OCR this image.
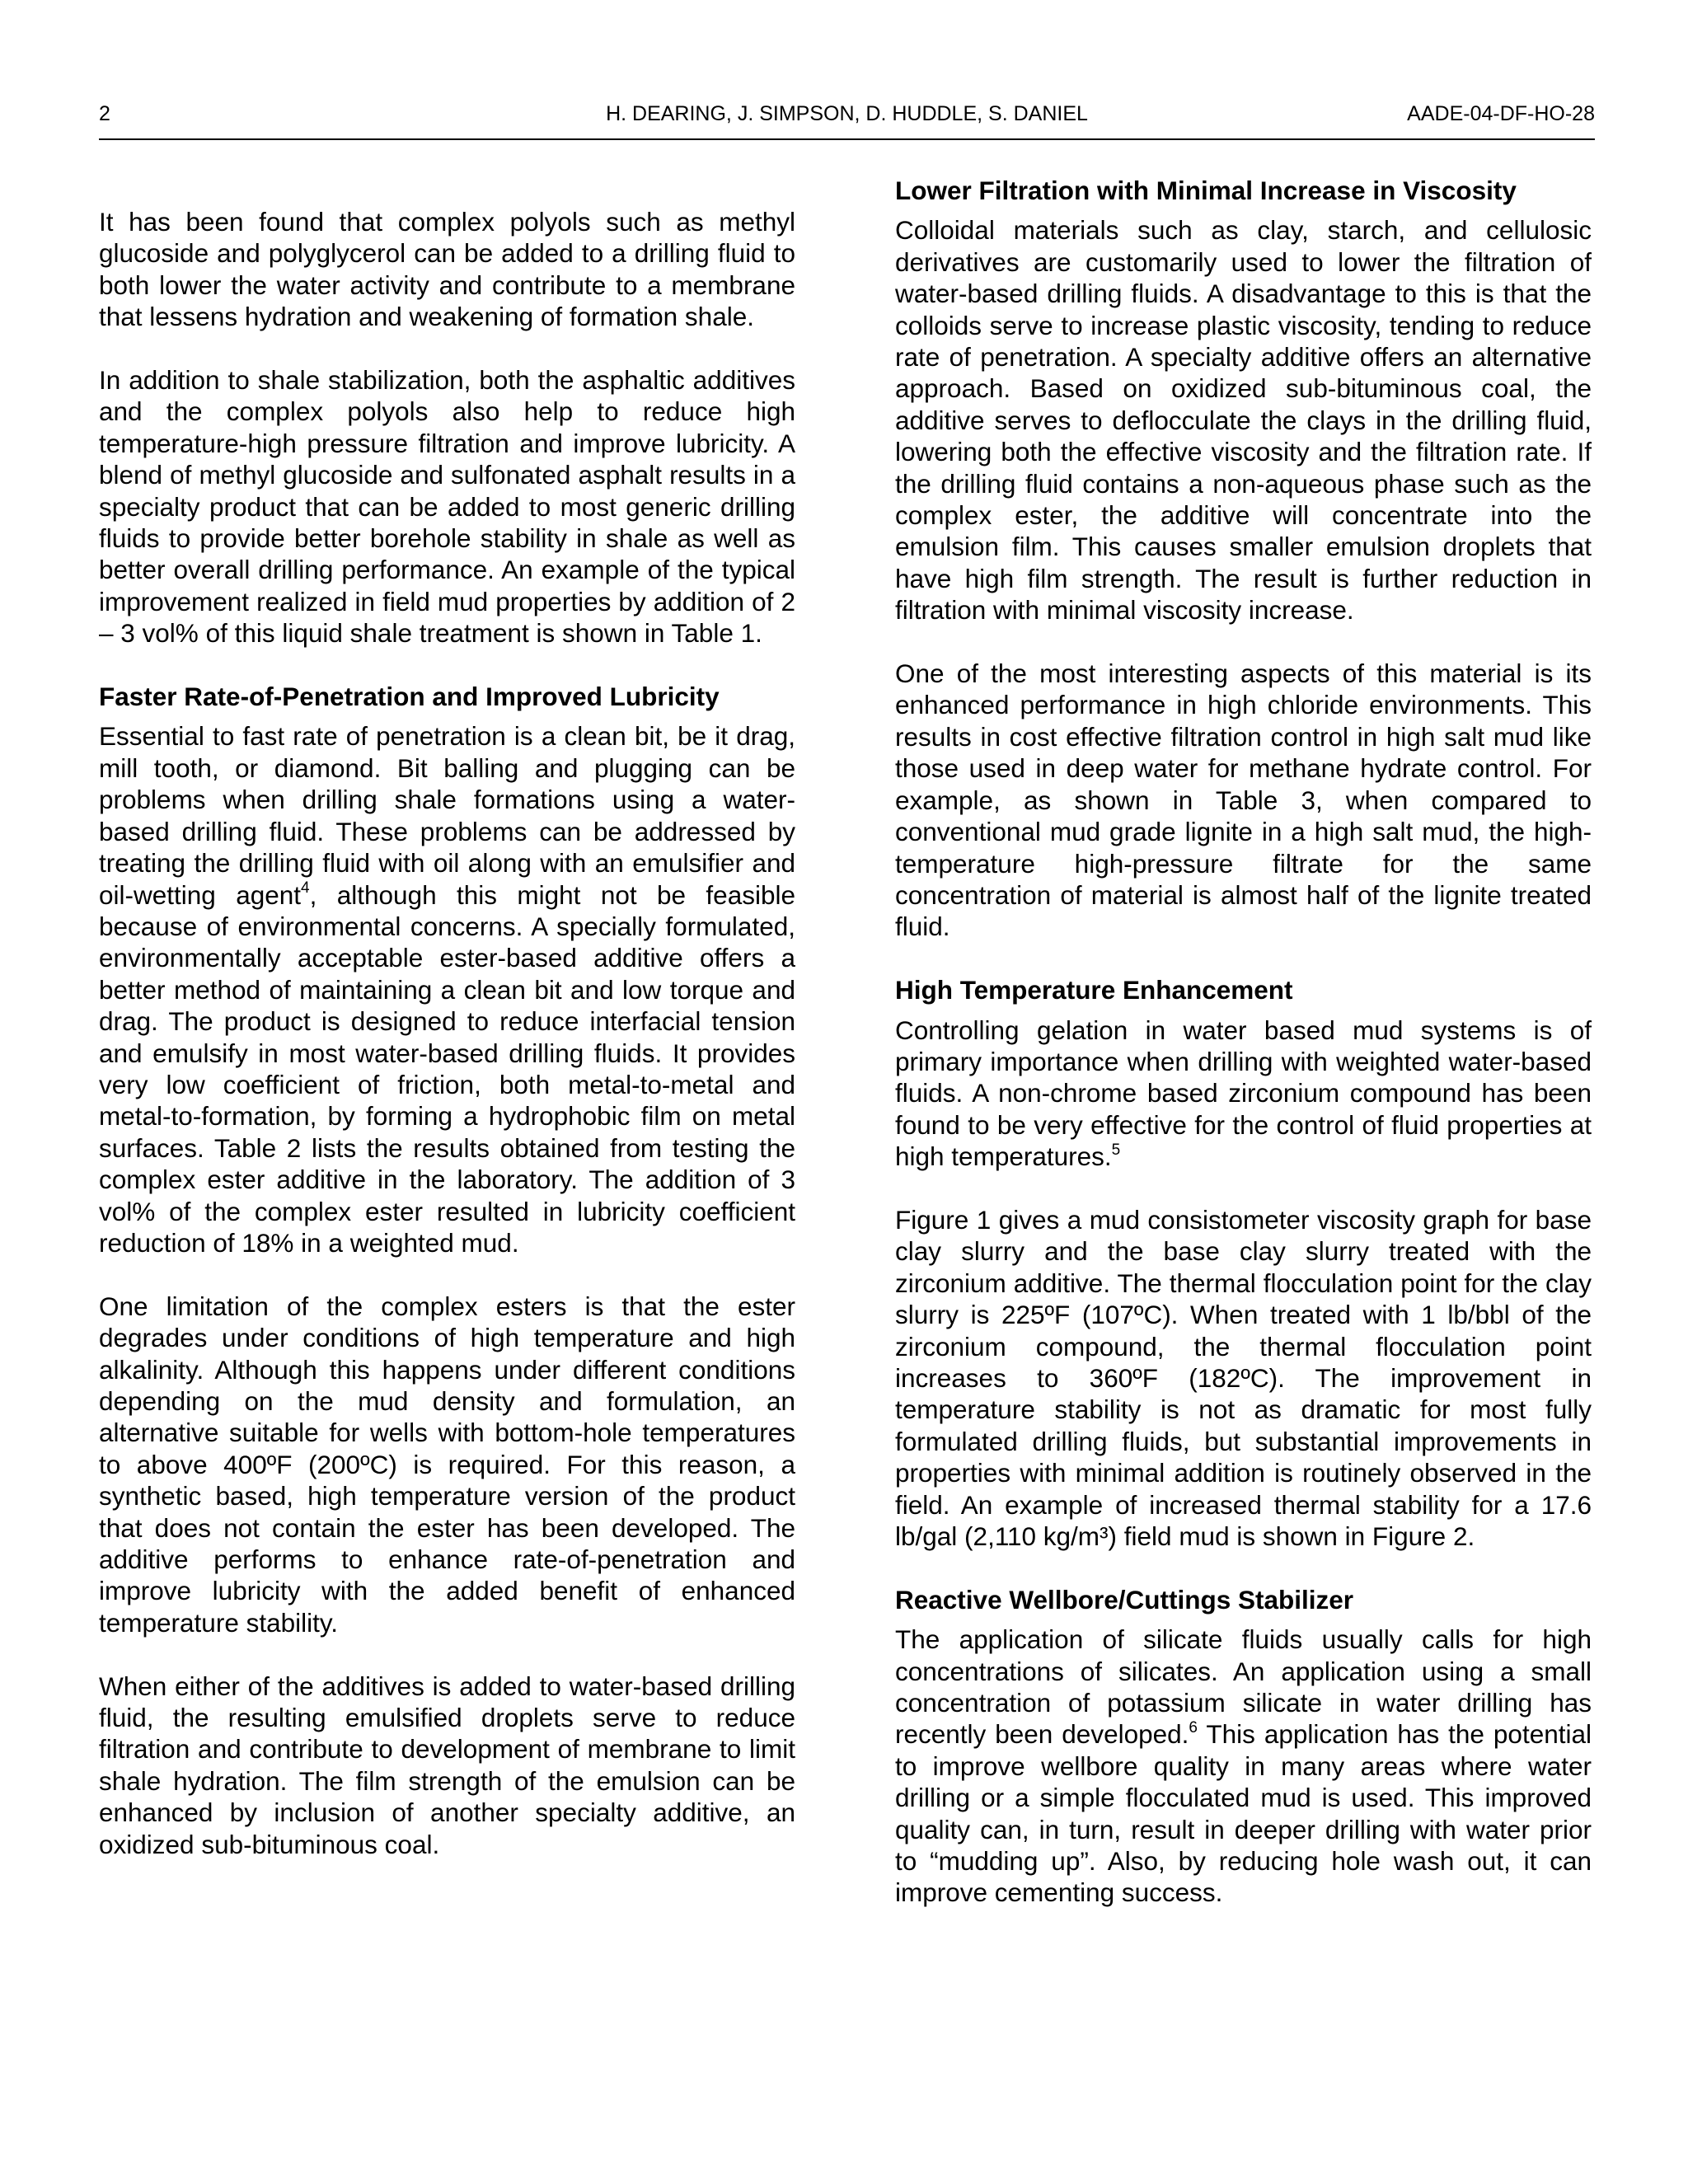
2	H. DEARING, J. SIMPSON, D. HUDDLE, S. DANIEL	AADE-04-DF-HO-28

It has been found that complex polyols such as methyl glucoside and polyglycerol can be added to a drilling fluid to both lower the water activity and contribute to a membrane that lessens hydration and weakening of formation shale.

In addition to shale stabilization, both the asphaltic additives and the complex polyols also help to reduce high temperature-high pressure filtration and improve lubricity. A blend of methyl glucoside and sulfonated asphalt results in a specialty product that can be added to most generic drilling fluids to provide better borehole stability in shale as well as better overall drilling performance. An example of the typical improvement realized in field mud properties by addition of 2 – 3 vol% of this liquid shale treatment is shown in Table 1.

Faster Rate-of-Penetration and Improved Lubricity

Essential to fast rate of penetration is a clean bit, be it drag, mill tooth, or diamond. Bit balling and plugging can be problems when drilling shale formations using a water-based drilling fluid. These problems can be addressed by treating the drilling fluid with oil along with an emulsifier and oil-wetting agent$^4$, although this might not be feasible because of environmental concerns. A specially formulated, environmentally acceptable ester-based additive offers a better method of maintaining a clean bit and low torque and drag. The product is designed to reduce interfacial tension and emulsify in most water-based drilling fluids. It provides very low coefficient of friction, both metal-to-metal and metal-to-formation, by forming a hydrophobic film on metal surfaces. Table 2 lists the results obtained from testing the complex ester additive in the laboratory. The addition of 3 vol% of the complex ester resulted in lubricity coefficient reduction of 18% in a weighted mud.

One limitation of the complex esters is that the ester degrades under conditions of high temperature and high alkalinity. Although this happens under different conditions depending on the mud density and formulation, an alternative suitable for wells with bottom-hole temperatures to above 400ºF (200ºC) is required. For this reason, a synthetic based, high temperature version of the product that does not contain the ester has been developed. The additive performs to enhance rate-of-penetration and improve lubricity with the added benefit of enhanced temperature stability.

When either of the additives is added to water-based drilling fluid, the resulting emulsified droplets serve to reduce filtration and contribute to development of membrane to limit shale hydration. The film strength of the emulsion can be enhanced by inclusion of another specialty additive, an oxidized sub-bituminous coal.

Lower Filtration with Minimal Increase in Viscosity

Colloidal materials such as clay, starch, and cellulosic derivatives are customarily used to lower the filtration of water-based drilling fluids. A disadvantage to this is that the colloids serve to increase plastic viscosity, tending to reduce rate of penetration. A specialty additive offers an alternative approach. Based on oxidized sub-bituminous coal, the additive serves to deflocculate the clays in the drilling fluid, lowering both the effective viscosity and the filtration rate. If the drilling fluid contains a non-aqueous phase such as the complex ester, the additive will concentrate into the emulsion film. This causes smaller emulsion droplets that have high film strength. The result is further reduction in filtration with minimal viscosity increase.

One of the most interesting aspects of this material is its enhanced performance in high chloride environments. This results in cost effective filtration control in high salt mud like those used in deep water for methane hydrate control. For example, as shown in Table 3, when compared to conventional mud grade lignite in a high salt mud, the high-temperature high-pressure filtrate for the same concentration of material is almost half of the lignite treated fluid.

High Temperature Enhancement

Controlling gelation in water based mud systems is of primary importance when drilling with weighted water-based fluids. A non-chrome based zirconium compound has been found to be very effective for the control of fluid properties at high temperatures.$^5$

Figure 1 gives a mud consistometer viscosity graph for base clay slurry and the base clay slurry treated with the zirconium additive. The thermal flocculation point for the clay slurry is 225ºF (107ºC). When treated with 1 lb/bbl of the zirconium compound, the thermal flocculation point increases to 360ºF (182ºC). The improvement in temperature stability is not as dramatic for most fully formulated drilling fluids, but substantial improvements in properties with minimal addition is routinely observed in the field. An example of increased thermal stability for a 17.6 lb/gal (2,110 kg/m³) field mud is shown in Figure 2.

Reactive Wellbore/Cuttings Stabilizer

The application of silicate fluids usually calls for high concentrations of silicates. An application using a small concentration of potassium silicate in water drilling has recently been developed.$^6$ This application has the potential to improve wellbore quality in many areas where water drilling or a simple flocculated mud is used. This improved quality can, in turn, result in deeper drilling with water prior to “mudding up”. Also, by reducing hole wash out, it can improve cementing success.
